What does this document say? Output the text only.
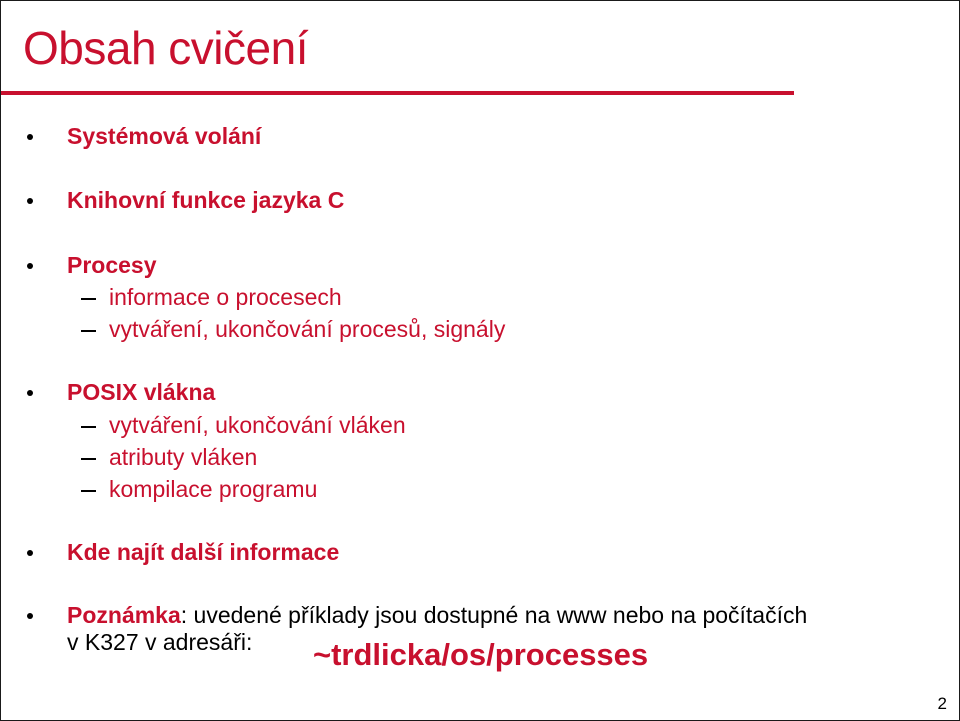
Obsah cvičení
Systémová volání
Knihovní funkce jazyka C
Procesy
informace o procesech
vytváření, ukončování procesů, signály
POSIX vlákna
vytváření, ukončování vláken
atributy vláken
kompilace programu
Kde najít další informace
Poznámka: uvedené příklady jsou dostupné na www nebo na počítačích
v K327 v adresáři: ~trdlicka/os/processes
2
